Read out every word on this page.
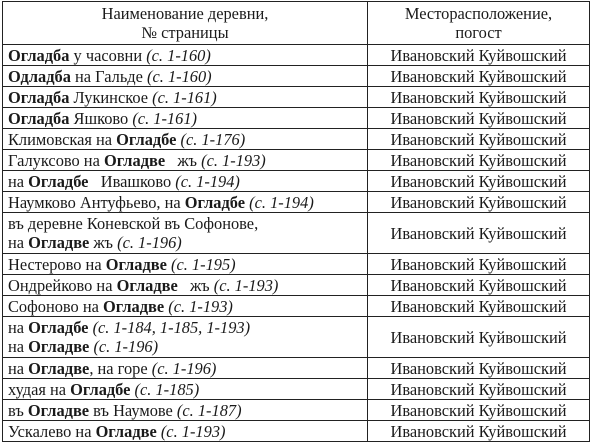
Наименование деревни,
№ страницы	Месторасположение,
погост
Огладба у часовни (с. 1-160)	Ивановский Куйвошский
Одладба на Гальде (с. 1-160)	Ивановский Куйвошский
Огладба Лукинское (с. 1-161)	Ивановский Куйвошский
Огладба Яшково (с. 1-161)	Ивановский Куйвошский
Климовская на Огладбе (с. 1-176)	Ивановский Куйвошский
Галуксово на Огладве   жъ (с. 1-193)	Ивановский Куйвошский
на Огладбе   Ивашково (с. 1-194)	Ивановский Куйвошский
Наумково Антуфьево, на Огладбе (с. 1-194)	Ивановский Куйвошский

въ деревне Коневской въ Софонове,
на Огладве жъ (с. 1-196)	Ивановский Куйвошский
Нестерово на Огладве (с. 1-195)	Ивановский Куйвошский
Ондрейково на Огладве   жъ (с. 1-193)	Ивановский Куйвошский
Софоново на Огладве (с. 1-193)	Ивановский Куйвошский

на Огладбе (с. 1-184, 1-185, 1-193)
на Огладве (с. 1-196)	Ивановский Куйвошский
на Огладве, на горе (с. 1-196)	Ивановский Куйвошский
худая на Огладбе (с. 1-185)	Ивановский Куйвошский
въ Огладве въ Наумове (с. 1-187)	Ивановский Куйвошский
Ускалево на Огладве (с. 1-193)	Ивановский Куйвошский
